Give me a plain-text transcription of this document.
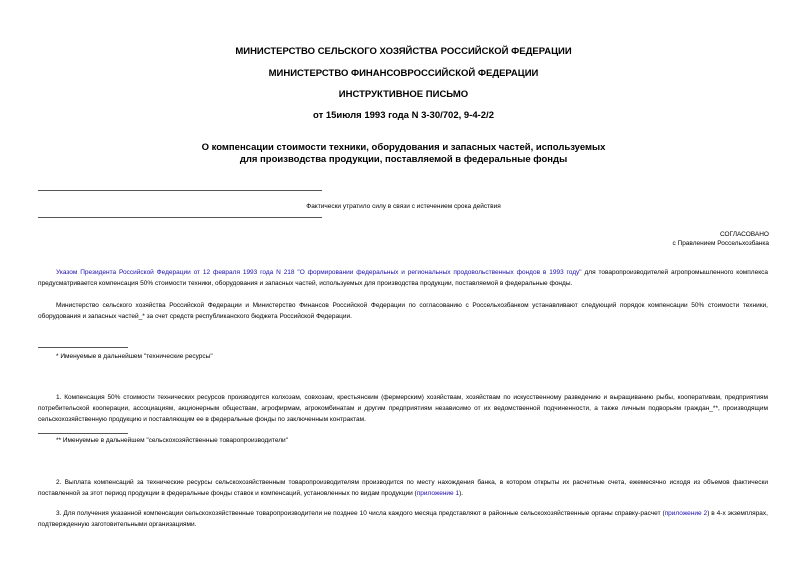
МИНИСТЕРСТВО СЕЛЬСКОГО ХОЗЯЙСТВА РОССИЙСКОЙ ФЕДЕРАЦИИ
МИНИСТЕРСТВО ФИНАНСОВРОССИЙСКОЙ ФЕДЕРАЦИИ
ИНСТРУКТИВНОЕ ПИСЬМО
от 15июля 1993 года N 3-30/702, 9-4-2/2
О компенсации стоимости техники, оборудования и запасных частей, используемых для производства продукции, поставляемой в федеральные фонды
Фактически утратило силу в связи с истечением срока действия
СОГЛАСОВАНО
с Правлением Россельхозбанка
Указом Президента Российской Федерации от 12 февраля 1993 года N 218 "О формировании федеральных и региональных продовольственных фондов в 1993 году" для товаропроизводителей агропромышленного комплекса предусматривается компенсация 50% стоимости техники, оборудования и запасных частей, используемых для производства продукции, поставляемой в федеральные фонды.
Министерство сельского хозяйства Российской Федерации и Министерство Финансов Российской Федерации по согласованию с Россельхозбанком устанавливают следующий порядок компенсации 50% стоимости техники, оборудования и запасных частей_* за счет средств республиканского бюджета Российской Федерации.
* Именуемые в дальнейшем "технические ресурсы"
1. Компенсация 50% стоимости технических ресурсов производится колхозам, совхозам, крестьянским (фермерским) хозяйствам, хозяйствам по искусственному разведению и выращиванию рыбы, кооперативам, предприятиям потребительской кооперации, ассоциациям, акционерным обществам, агрофирмам, агрокомбинатам и другим предприятиям независимо от их ведомственной подчиненности, а также личным подворьям граждан_**, производящим сельскохозяйственную продукцию и поставляющим ее в федеральные фонды по заключенным контрактам.
** Именуемые в дальнейшем "сельскохозяйственные товаропроизводители"
2. Выплата компенсаций за технические ресурсы сельскохозяйственным товаропроизводителям производится по месту нахождения банка, в котором открыты их расчетные счета, ежемесячно исходя из объемов фактически поставленной за этот период продукции в федеральные фонды ставок и компенсаций, установленных по видам продукции (приложение 1).
3. Для получения указанной компенсации сельскохозяйственные товаропроизводители не позднее 10 числа каждого месяца представляют в районные сельскохозяйственные органы справку-расчет (приложение 2) в 4-х экземплярах, подтвержденную заготовительными организациями.
